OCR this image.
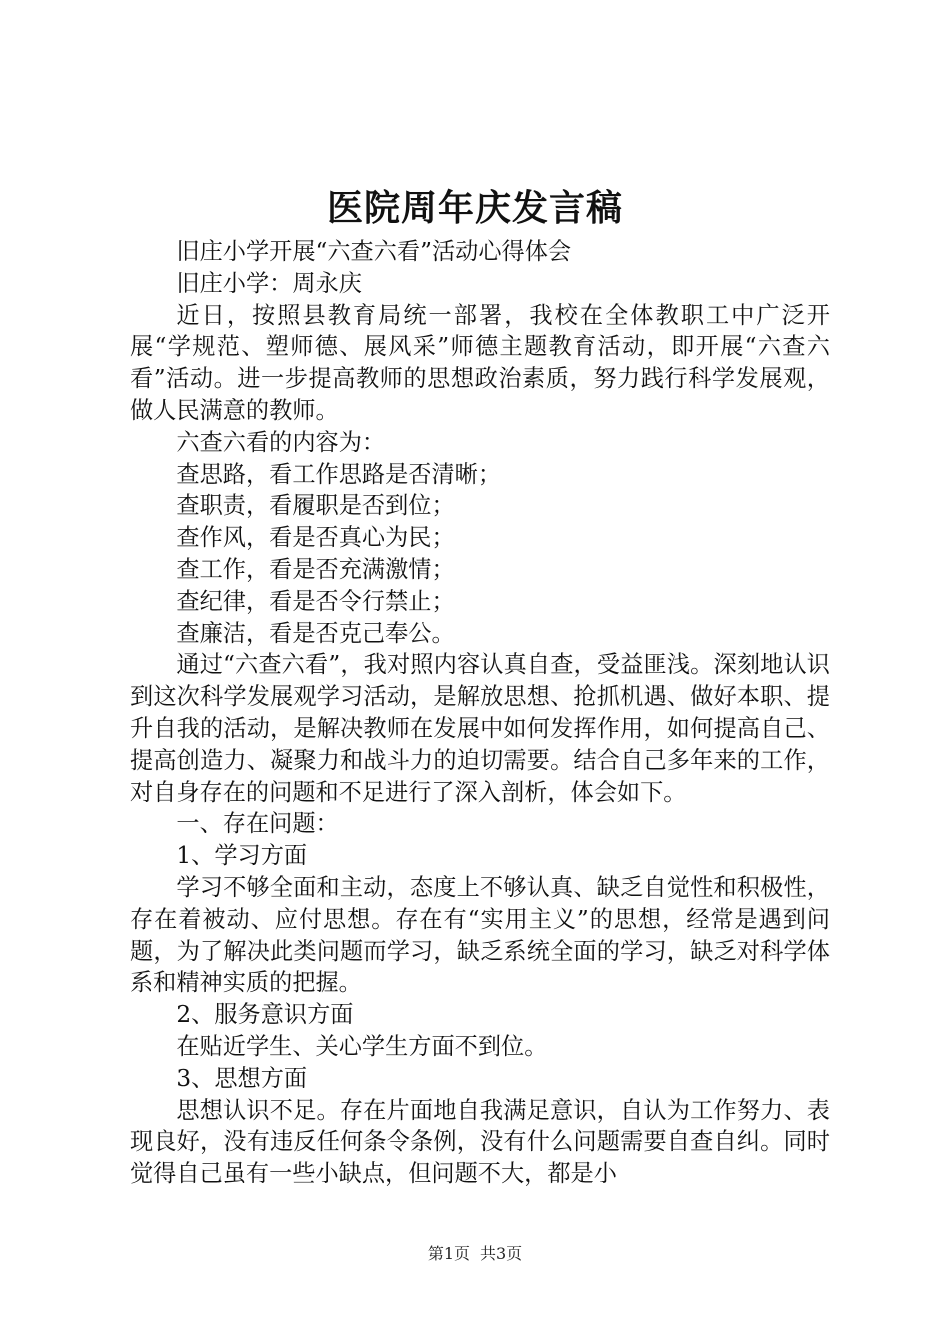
医院周年庆发言稿

旧庄小学开展“六查六看”活动心得体会

旧庄小学：周永庆

近日，按照县教育局统一部署，我校在全体教职工中广泛开展“学规范、塑师德、展风采”师德主题教育活动，即开展“六查六看”活动。进一步提高教师的思想政治素质，努力践行科学发展观，做人民满意的教师。

六查六看的内容为：

查思路，看工作思路是否清晰；

查职责，看履职是否到位；

查作风，看是否真心为民；

查工作，看是否充满激情；

查纪律，看是否令行禁止；

查廉洁，看是否克己奉公。

通过“六查六看”，我对照内容认真自查，受益匪浅。深刻地认识到这次科学发展观学习活动，是解放思想、抢抓机遇、做好本职、提升自我的活动，是解决教师在发展中如何发挥作用，如何提高自己、提高创造力、凝聚力和战斗力的迫切需要。结合自己多年来的工作，对自身存在的问题和不足进行了深入剖析，体会如下。

一、存在问题：

1、学习方面

学习不够全面和主动，态度上不够认真、缺乏自觉性和积极性，存在着被动、应付思想。存在有“实用主义”的思想，经常是遇到问题，为了解决此类问题而学习，缺乏系统全面的学习，缺乏对科学体系和精神实质的把握。

2、服务意识方面

在贴近学生、关心学生方面不到位。

3、思想方面

思想认识不足。存在片面地自我满足意识，自认为工作努力、表现良好，没有违反任何条令条例，没有什么问题需要自查自纠。同时觉得自己虽有一些小缺点，但问题不大，都是小

第1页 共3页
